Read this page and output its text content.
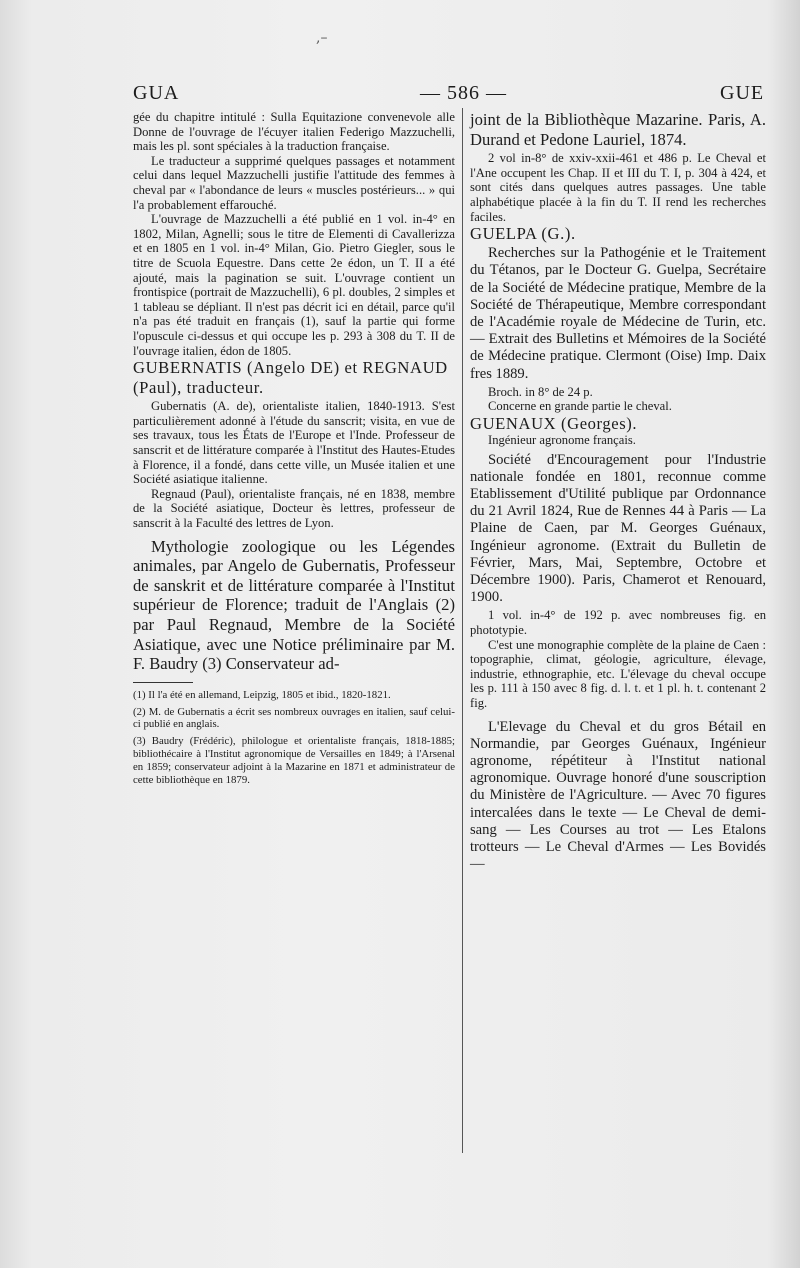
,–
GUA	— 586 —	GUE

gée du chapitre intitulé : Sulla Equitazione convenevole alle Donne de l'ouvrage de l'écuyer italien Federigo Mazzuchelli, mais les pl. sont spéciales à la traduction française.

Le traducteur a supprimé quelques passages et notamment celui dans lequel Mazzuchelli justifie l'attitude des femmes à cheval par « l'abondance de leurs « muscles postérieurs... » qui l'a probablement effarouché.

L'ouvrage de Mazzuchelli a été publié en 1 vol. in-4° en 1802, Milan, Agnelli; sous le titre de Elementi di Cavallerizza et en 1805 en 1 vol. in-4° Milan, Gio. Pietro Giegler, sous le titre de Scuola Equestre. Dans cette 2e édon, un T. II a été ajouté, mais la pagination se suit. L'ouvrage contient un frontispice (portrait de Mazzuchelli), 6 pl. doubles, 2 simples et 1 tableau se dépliant. Il n'est pas décrit ici en détail, parce qu'il n'a pas été traduit en français (1), sauf la partie qui forme l'opuscule ci-dessus et qui occupe les p. 293 à 308 du T. II de l'ouvrage italien, édon de 1805.

GUBERNATIS (Angelo DE) et REGNAUD (Paul), traducteur.

Gubernatis (A. de), orientaliste italien, 1840-1913. S'est particulièrement adonné à l'étude du sanscrit; visita, en vue de ses travaux, tous les États de l'Europe et l'Inde. Professeur de sanscrit et de littérature comparée à l'Institut des Hautes-Etudes à Florence, il a fondé, dans cette ville, un Musée italien et une Société asiatique italienne.

Regnaud (Paul), orientaliste français, né en 1838, membre de la Société asiatique, Docteur ès lettres, professeur de sanscrit à la Faculté des lettres de Lyon.

Mythologie zoologique ou les Légendes animales, par Angelo de Gubernatis, Professeur de sanskrit et de littérature comparée à l'Institut supérieur de Florence; traduit de l'Anglais (2) par Paul Regnaud, Membre de la Société Asiatique, avec une Notice préliminaire par M. F. Baudry (3) Conservateur ad-

(1) Il l'a été en allemand, Leipzig, 1805 et ibid., 1820-1821.

(2) M. de Gubernatis a écrit ses nombreux ouvrages en italien, sauf celui-ci publié en anglais.

(3) Baudry (Frédéric), philologue et orientaliste français, 1818-1885; bibliothécaire à l'Institut agronomique de Versailles en 1849; à l'Arsenal en 1859; conservateur adjoint à la Mazarine en 1871 et administrateur de cette bibliothèque en 1879.

joint de la Bibliothèque Mazarine. Paris, A. Durand et Pedone Lauriel, 1874.

2 vol in-8° de xxiv-xxii-461 et 486 p. Le Cheval et l'Ane occupent les Chap. II et III du T. I, p. 304 à 424, et sont cités dans quelques autres passages. Une table alphabétique placée à la fin du T. II rend les recherches faciles.

GUELPA (G.).

Recherches sur la Pathogénie et le Traitement du Tétanos, par le Docteur G. Guelpa, Secrétaire de la Société de Médecine pratique, Membre de la Société de Thérapeutique, Membre correspondant de l'Académie royale de Médecine de Turin, etc. — Extrait des Bulletins et Mémoires de la Société de Médecine pratique. Clermont (Oise) Imp. Daix fres 1889.

Broch. in 8° de 24 p.

Concerne en grande partie le cheval.

GUENAUX (Georges).

Ingénieur agronome français.

Société d'Encouragement pour l'Industrie nationale fondée en 1801, reconnue comme Etablissement d'Utilité publique par Ordonnance du 21 Avril 1824, Rue de Rennes 44 à Paris — La Plaine de Caen, par M. Georges Guénaux, Ingénieur agronome. (Extrait du Bulletin de Février, Mars, Mai, Septembre, Octobre et Décembre 1900). Paris, Chamerot et Renouard, 1900.

1 vol. in-4° de 192 p. avec nombreuses fig. en phototypie.

C'est une monographie complète de la plaine de Caen : topographie, climat, géologie, agriculture, élevage, industrie, ethnographie, etc. L'élevage du cheval occupe les p. 111 à 150 avec 8 fig. d. l. t. et 1 pl. h. t. contenant 2 fig.

L'Elevage du Cheval et du gros Bétail en Normandie, par Georges Guénaux, Ingénieur agronome, répétiteur à l'Institut national agronomique. Ouvrage honoré d'une souscription du Ministère de l'Agriculture. — Avec 70 figures intercalées dans le texte — Le Cheval de demi-sang — Les Courses au trot — Les Etalons trotteurs — Le Cheval d'Armes — Les Bovidés —
